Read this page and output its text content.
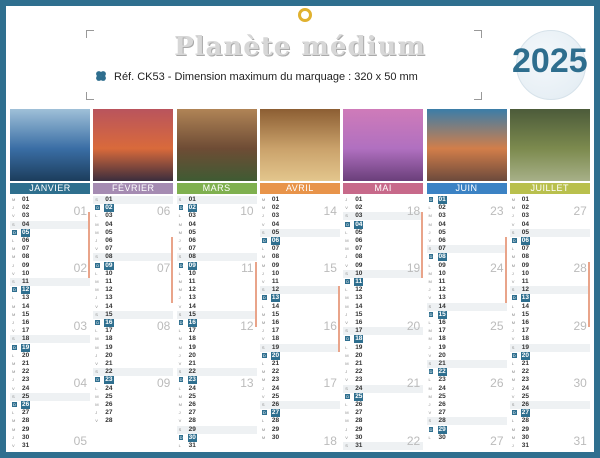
Planète médium
Réf. CK53 - Dimension maximum du marquage : 320 x 50 mm	2025
JANVIER
M 01
J 02
V 03
S 04
D 05
L 06
M 07
M 08
J 09
V 10
S 11
D 12
L 13
M 14
M 15
J 16
V 17
S 18
D 19
L 20
M 21
M 22
J 23
V 24
S 25
D 26
L 27
M 28
M 29
J 30
V 31
01
02
03
04
05
FÉVRIER
S 01
D 02
L 03
M 04
M 05
J 06
V 07
S 08
D 09
L 10
M 11
M 12
J 13
V 14
S 15
D 16
L 17
M 18
M 19
J 20
V 21
S 22
D 23
L 24
M 25
M 26
J 27
V 28
06
07
08
09
MARS
S 01
D 02
L 03
M 04
M 05
J 06
V 07
S 08
D 09
L 10
M 11
M 12
J 13
V 14
S 15
D 16
L 17
M 18
M 19
J 20
V 21
S 22
D 23
L 24
M 25
M 26
J 27
V 28
S 29
D 30
L 31
10
11
12
13
AVRIL
M 01
M 02
J 03
V 04
S 05
D 06
L 07
M 08
M 09
J 10
V 11
S 12
D 13
L 14
M 15
M 16
J 17
V 18
S 19
D 20
L 21
M 22
M 23
J 24
V 25
S 26
D 27
L 28
M 29
M 30
14
15
16
17
18
MAI
J 01
V 02
S 03
D 04
L 05
M 06
M 07
J 08
V 09
S 10
D 11
L 12
M 13
M 14
J 15
V 16
S 17
D 18
L 19
M 20
M 21
J 22
V 23
S 24
D 25
L 26
M 27
M 28
J 29
V 30
S 31
18
19
20
21
22
JUIN
D 01
L 02
M 03
M 04
J 05
V 06
S 07
D 08
L 09
M 10
M 11
J 12
V 13
S 14
D 15
L 16
M 17
M 18
J 19
V 20
S 21
D 22
L 23
M 24
M 25
J 26
V 27
S 28
D 29
L 30
23
24
25
26
27
JUILLET
M 01
M 02
J 03
V 04
S 05
D 06
L 07
M 08
M 09
J 10
V 11
S 12
D 13
L 14
M 15
M 16
J 17
V 18
S 19
D 20
L 21
M 22
M 23
J 24
V 25
S 26
D 27
L 28
M 29
M 30
J 31
27
28
29
30
31
